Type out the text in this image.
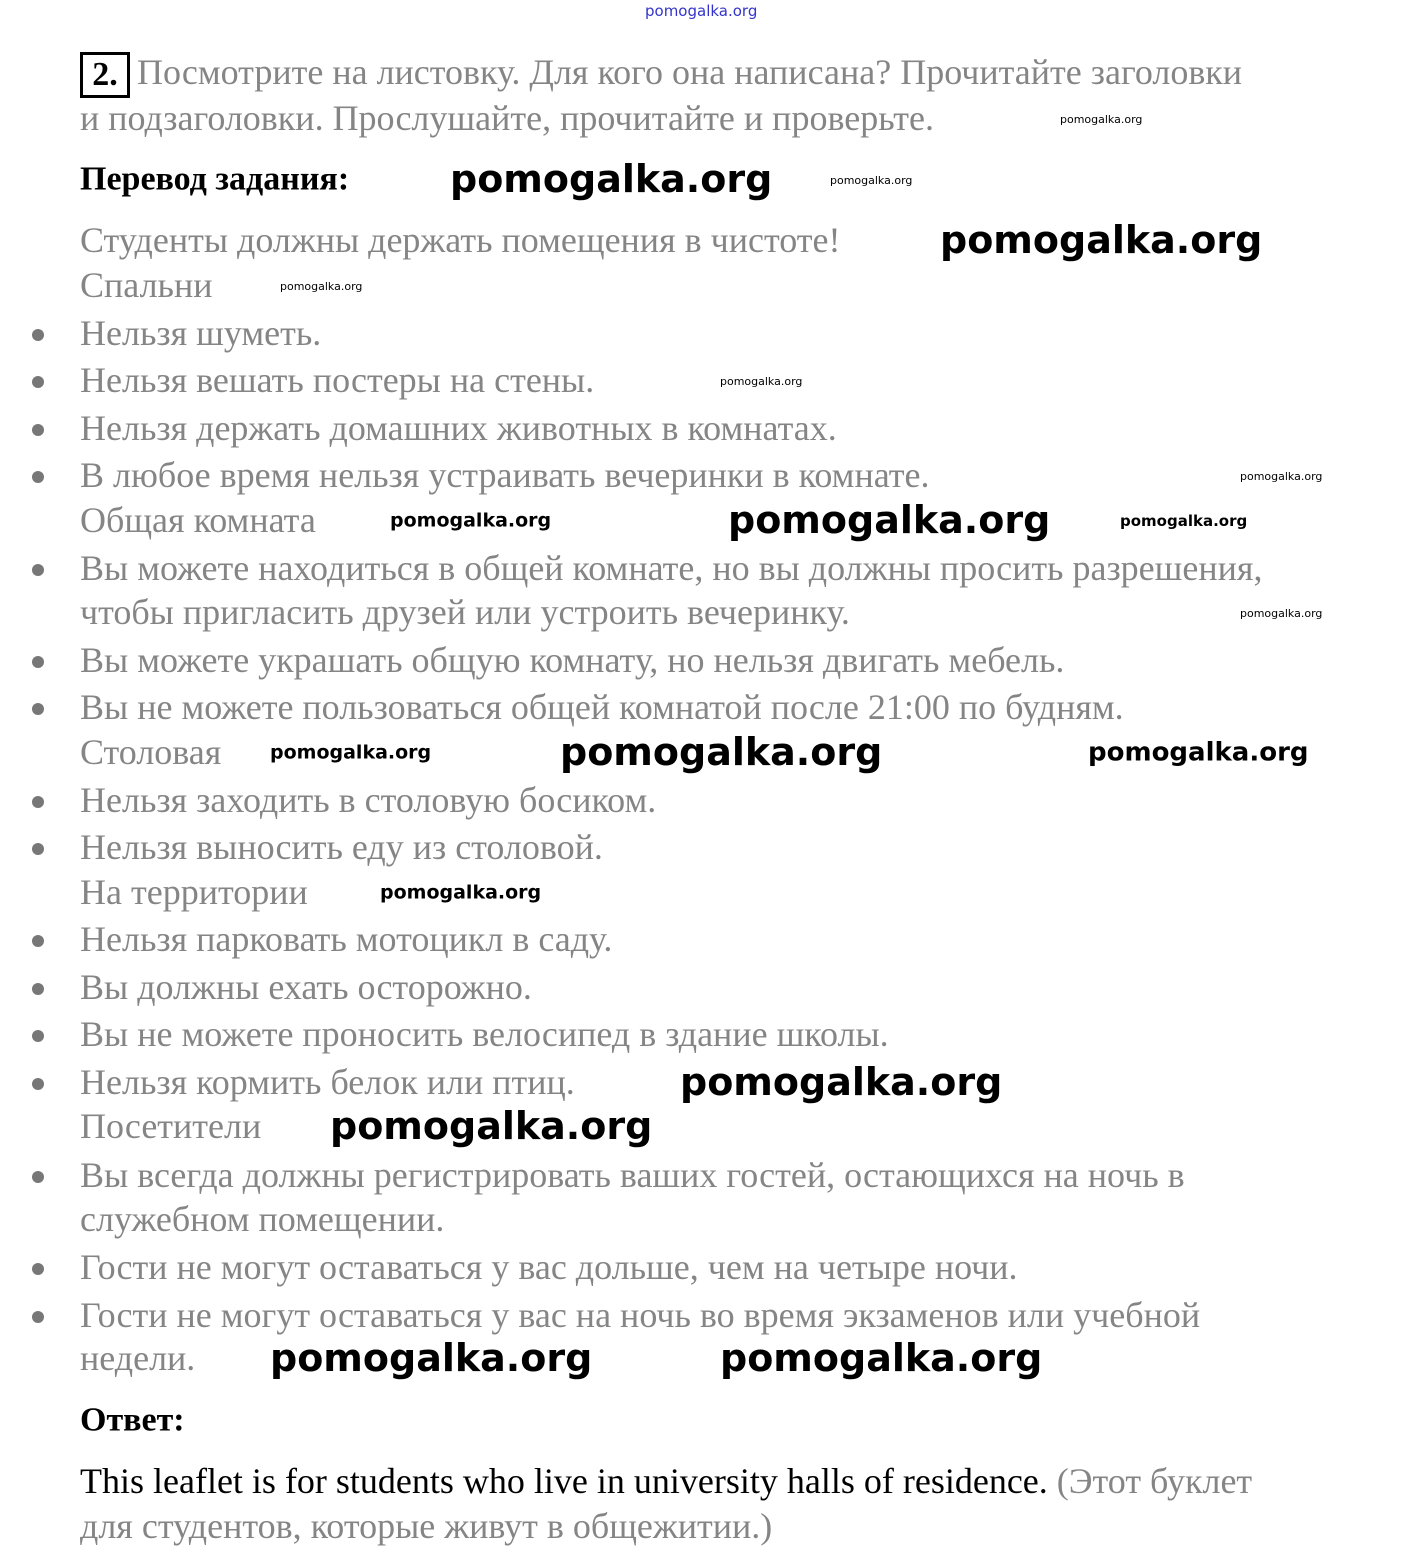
pomogalka.org
2. Посмотрите на листовку. Для кого она написана? Прочитайте заголовки
и подзаголовки. Прослушайте, прочитайте и проверьте.
Перевод задания:
Студенты должны держать помещения в чистоте!
Спальни
Нельзя шуметь.
Нельзя вешать постеры на стены.
Нельзя держать домашних животных в комнатах.
В любое время нельзя устраивать вечеринки в комнате.
Общая комната
Вы можете находиться в общей комнате, но вы должны просить разрешения,
чтобы пригласить друзей или устроить вечеринку.
Вы можете украшать общую комнату, но нельзя двигать мебель.
Вы не можете пользоваться общей комнатой после 21:00 по будням.
Столовая
Нельзя заходить в столовую босиком.
Нельзя выносить еду из столовой.
На территории
Нельзя парковать мотоцикл в саду.
Вы должны ехать осторожно.
Вы не можете проносить велосипед в здание школы.
Нельзя кормить белок или птиц.
Посетители
Вы всегда должны регистрировать ваших гостей, остающихся на ночь в
служебном помещении.
Гости не могут оставаться у вас дольше, чем на четыре ночи.
Гости не могут оставаться у вас на ночь во время экзаменов или учебной
недели.
Ответ:
This leaflet is for students who live in university halls of residence. (Этот буклет
для студентов, которые живут в общежитии.)
pomogalka.org
pomogalka.org	pomogalka.org
pomogalka.org
pomogalka.org
pomogalka.org
pomogalka.org
pomogalka.org	pomogalka.org	pomogalka.org
pomogalka.org
pomogalka.org	pomogalka.org	pomogalka.org
pomogalka.org
pomogalka.org
pomogalka.org
pomogalka.org	pomogalka.org
